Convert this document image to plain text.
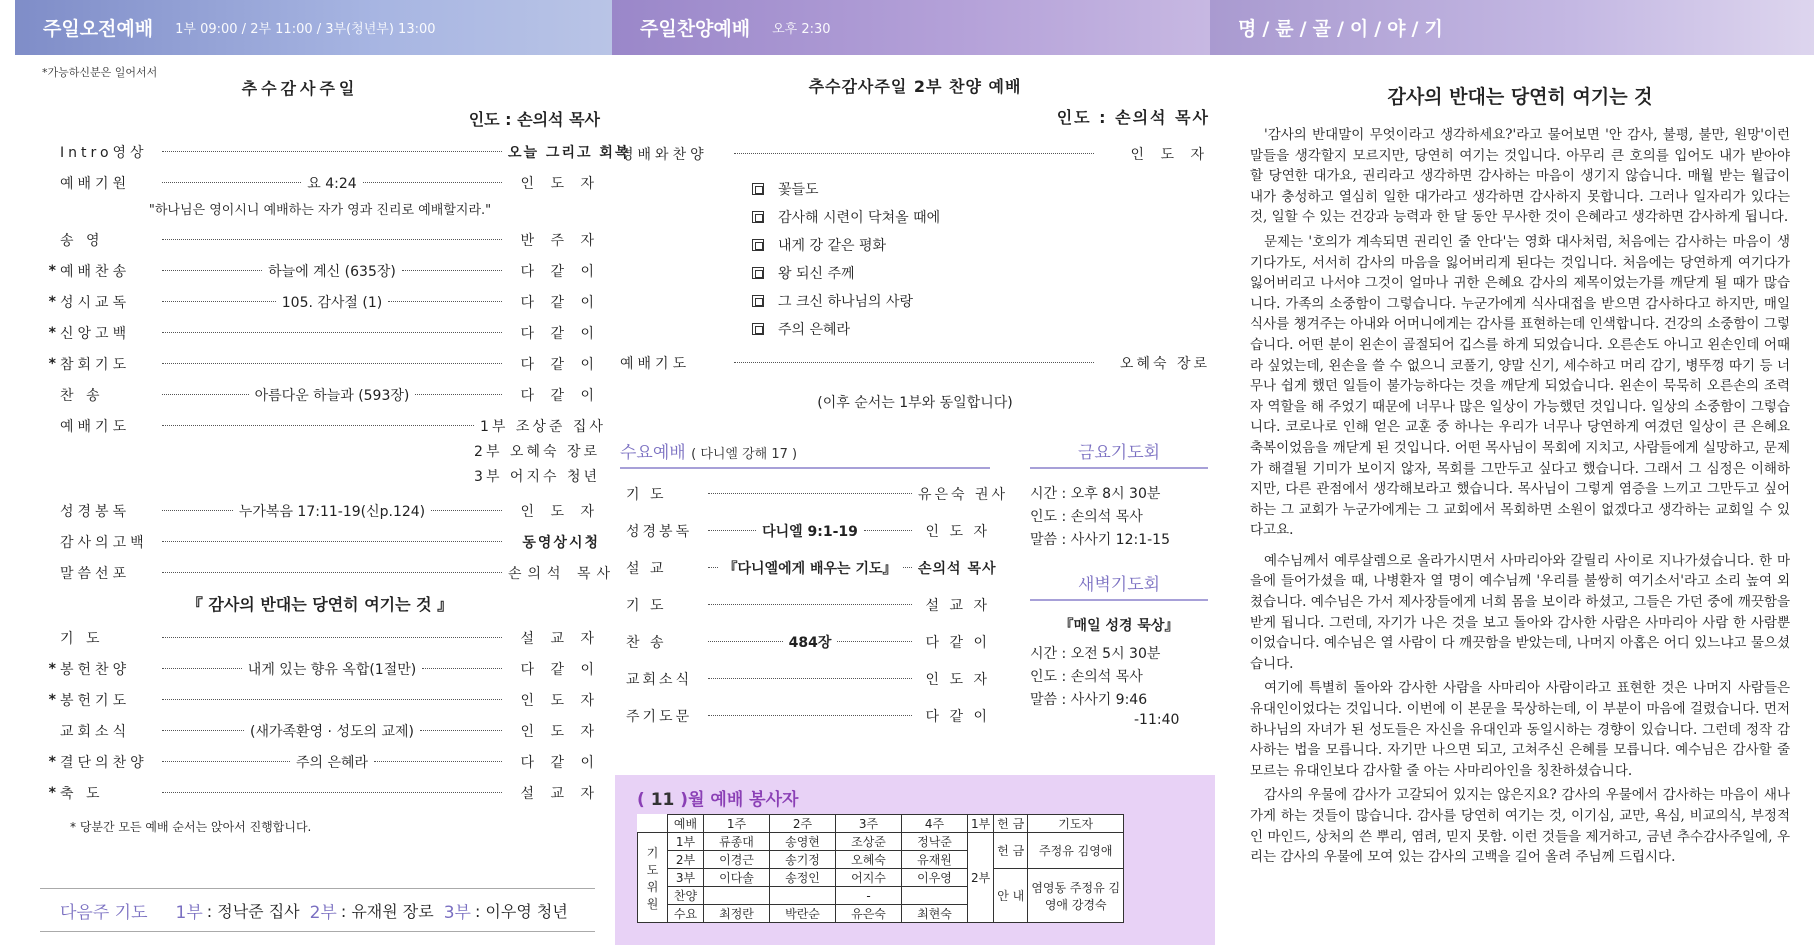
주일오전예배 1부 09:00 / 2부 11:00 / 3부(청년부) 13:00	주일찬양예배 오후 2:30	명/륜/골/이/야/기
*가능하신분은 일어서서
추수감사주일
인도 : 손의석 목사
Intro영상	오늘 그리고 회복
예배기원	요 4:24	인 도 자
"하나님은 영이시니 예배하는 자가 영과 진리로 예배할지라."
송 영	반 주 자
* 예배찬송	하늘에 계신 (635장)	다 같 이
* 성시교독	105. 감사절 (1)	다 같 이
* 신앙고백	다 같 이
* 참회기도	다 같 이
찬 송	아름다운 하늘과 (593장)	다 같 이
예배기도	1부 조상준 집사
2부 오혜숙 장로
3부 어지수 청년
성경봉독	누가복음 17:11-19(신p.124)	인 도 자
감사의고백	동영상시청
말씀선포	손의석 목사
『 감사의 반대는 당연히 여기는 것 』
기 도	설 교 자
* 봉헌찬양	내게 있는 향유 옥합(1절만)	다 같 이
* 봉헌기도	인 도 자
교회소식	(새가족환영 · 성도의 교제)	인 도 자
* 결단의찬양	주의 은혜라	다 같 이
* 축 도	설 교 자
* 당분간 모든 예배 순서는 앉아서 진행합니다.
다음주 기도 1부 : 정낙준 집사 2부 : 유재원 장로 3부 : 이우영 청년
추수감사주일 2부 찬양 예배
인도 : 손의석 목사
경배와찬양	인 도 자
꽃들도
감사해 시련이 닥쳐올 때에
내게 강 같은 평화
왕 되신 주께
그 크신 하나님의 사랑
주의 은혜라
예배기도	오혜숙 장로
(이후 순서는 1부와 동일합니다)
수요예배 ( 다니엘 강해 17 )
기 도	유은숙 권사
성경봉독	다니엘 9:1-19	인 도 자
설 교	『다니엘에게 배우는 기도』 손의석 목사
기 도	설 교 자
찬 송	484장	다 같 이
교회소식	인 도 자
주기도문	다 같 이
금요기도회
시간 : 오후 8시 30분
인도 : 손의석 목사
말씀 : 사사기 12:1-15
새벽기도회
『매일 성경 묵상』
시간 : 오전 5시 30분
인도 : 손의석 목사
말씀 : 사사기 9:46
-11:40
( 11 )월 예배 봉사자
	예배	1주	2주	3주	4주	1부	헌 금	기도자
기도 위원	1부	류종대	송영현	조상준	정낙준	2부	헌 금	주정유 김영애
	2부	이경근	송기정	오혜숙	유재원			
	3부	이다솔	송정인	어지수	이우영		안 내	염영동 주정유 김영애 강경숙
	찬양			-				
	수요	최정란	박란순	유은숙	최현숙			
감사의 반대는 당연히 여기는 것

'감사의 반대말이 무엇이라고 생각하세요?'라고 물어보면 '안 감사, 불평, 불만, 원망'이런 말들을 생각할지 모르지만, 당연히 여기는 것입니다. 아무리 큰 호의를 입어도 내가 받아야 할 당연한 대가요, 권리라고 생각하면 감사하는 마음이 생기지 않습니다. 매월 받는 월급이 내가 충성하고 열심히 일한 대가라고 생각하면 감사하지 못합니다. 그러나 일자리가 있다는 것, 일할 수 있는 건강과 능력과 한 달 동안 무사한 것이 은혜라고 생각하면 감사하게 됩니다.

문제는 '호의가 계속되면 권리인 줄 안다'는 영화 대사처럼, 처음에는 감사하는 마음이 생기다가도, 서서히 감사의 마음을 잃어버리게 된다는 것입니다. 처음에는 당연하게 여기다가 잃어버리고 나서야 그것이 얼마나 귀한 은혜요 감사의 제목이었는가를 깨닫게 될 때가 많습니다. 가족의 소중함이 그렇습니다. 누군가에게 식사대접을 받으면 감사하다고 하지만, 매일 식사를 챙겨주는 아내와 어머니에게는 감사를 표현하는데 인색합니다. 건강의 소중함이 그렇습니다. 어떤 분이 왼손이 골절되어 깁스를 하게 되었습니다. 오른손도 아니고 왼손인데 어때라 싶었는데, 왼손을 쓸 수 없으니 코풀기, 양말 신기, 세수하고 머리 감기, 병뚜껑 따기 등 너무나 쉽게 했던 일들이 불가능하다는 것을 깨닫게 되었습니다. 왼손이 묵묵히 오른손의 조력자 역할을 해 주었기 때문에 너무나 많은 일상이 가능했던 것입니다. 일상의 소중함이 그렇습니다. 코로나로 인해 얻은 교훈 중 하나는 우리가 너무나 당연하게 여겼던 일상이 큰 은혜요 축복이었음을 깨닫게 된 것입니다. 어떤 목사님이 목회에 지치고, 사람들에게 실망하고, 문제가 해결될 기미가 보이지 않자, 목회를 그만두고 싶다고 했습니다. 그래서 그 심정은 이해하지만, 다른 관점에서 생각해보라고 했습니다. 목사님이 그렇게 염증을 느끼고 그만두고 싶어하는 그 교회가 누군가에게는 그 교회에서 목회하면 소원이 없겠다고 생각하는 교회일 수 있다고요.

예수님께서 예루살렘으로 올라가시면서 사마리아와 갈릴리 사이로 지나가셨습니다. 한 마을에 들어가셨을 때, 나병환자 열 명이 예수님께 '우리를 불쌍히 여기소서'라고 소리 높여 외쳤습니다. 예수님은 가서 제사장들에게 너희 몸을 보이라 하셨고, 그들은 가던 중에 깨끗함을 받게 됩니다. 그런데, 자기가 나은 것을 보고 돌아와 감사한 사람은 사마리아 사람 한 사람뿐이었습니다. 예수님은 열 사람이 다 깨끗함을 받았는데, 나머지 아홉은 어디 있느냐고 물으셨습니다.

여기에 특별히 돌아와 감사한 사람을 사마리아 사람이라고 표현한 것은 나머지 사람들은 유대인이었다는 것입니다. 이번에 이 본문을 묵상하는데, 이 부분이 마음에 걸렸습니다. 먼저 하나님의 자녀가 된 성도들은 자신을 유대인과 동일시하는 경향이 있습니다. 그런데 정작 감사하는 법을 모릅니다. 자기만 나으면 되고, 고쳐주신 은혜를 모릅니다. 예수님은 감사할 줄 모르는 유대인보다 감사할 줄 아는 사마리아인을 칭찬하셨습니다.

감사의 우물에 감사가 고갈되어 있지는 않은지요? 감사의 우물에서 감사하는 마음이 새나가게 하는 것들이 많습니다. 감사를 당연히 여기는 것, 이기심, 교만, 욕심, 비교의식, 부정적인 마인드, 상처의 쓴 뿌리, 염려, 믿지 못함. 이런 것들을 제거하고, 금년 추수감사주일에, 우리는 감사의 우물에 모여 있는 감사의 고백을 길어 올려 주님께 드립시다.
